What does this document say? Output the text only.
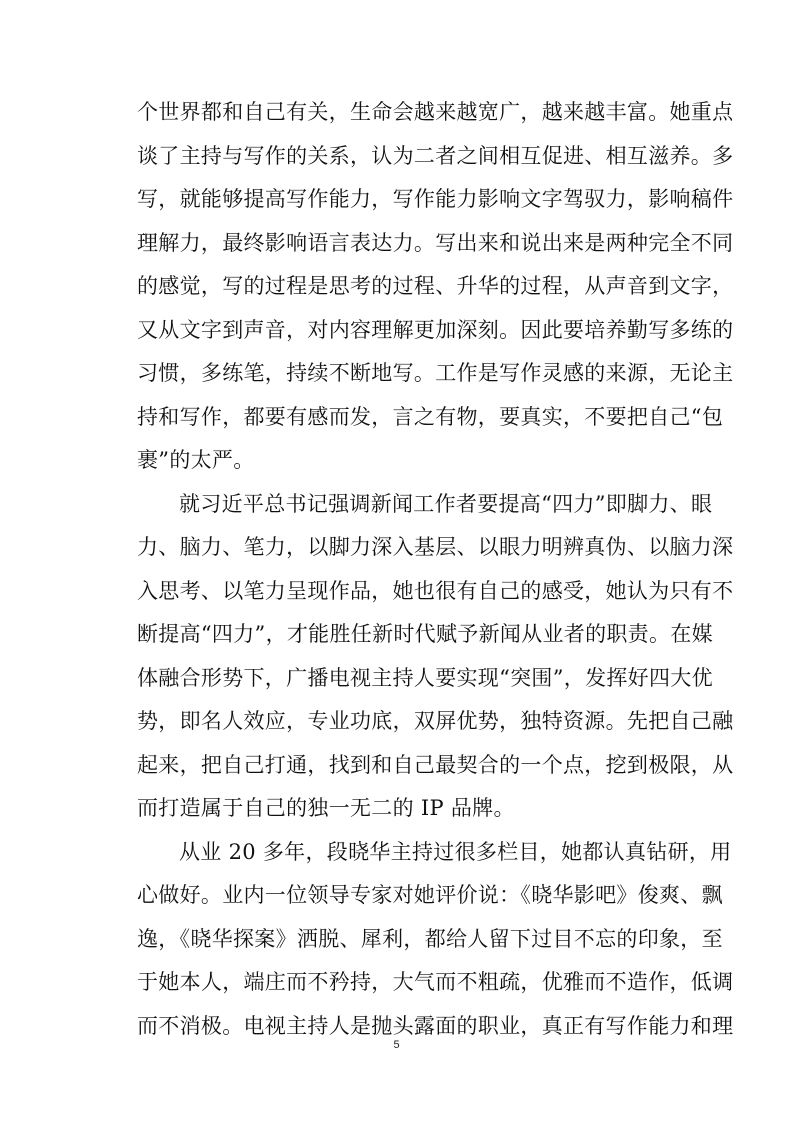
个世界都和自己有关，生命会越来越宽广，越来越丰富。她重点
谈了主持与写作的关系，认为二者之间相互促进、相互滋养。多
写，就能够提高写作能力，写作能力影响文字驾驭力，影响稿件
理解力，最终影响语言表达力。写出来和说出来是两种完全不同
的感觉，写的过程是思考的过程、升华的过程，从声音到文字，
又从文字到声音，对内容理解更加深刻。因此要培养勤写多练的
习惯，多练笔，持续不断地写。工作是写作灵感的来源，无论主
持和写作，都要有感而发，言之有物，要真实，不要把自己“包
裹”的太严。
就习近平总书记强调新闻工作者要提高“四力”即脚力、眼
力、脑力、笔力，以脚力深入基层、以眼力明辨真伪、以脑力深
入思考、以笔力呈现作品，她也很有自己的感受，她认为只有不
断提高“四力”，才能胜任新时代赋予新闻从业者的职责。在媒
体融合形势下，广播电视主持人要实现“突围”，发挥好四大优
势，即名人效应，专业功底，双屏优势，独特资源。先把自己融
起来，把自己打通，找到和自己最契合的一个点，挖到极限，从
而打造属于自己的独一无二的 IP 品牌。
从业 20 多年，段晓华主持过很多栏目，她都认真钻研，用
心做好。业内一位领导专家对她评价说：《晓华影吧》俊爽、飘
逸，《晓华探案》洒脱、犀利，都给人留下过目不忘的印象，至
于她本人，端庄而不矜持，大气而不粗疏，优雅而不造作，低调
而不消极。电视主持人是抛头露面的职业，真正有写作能力和理
5
